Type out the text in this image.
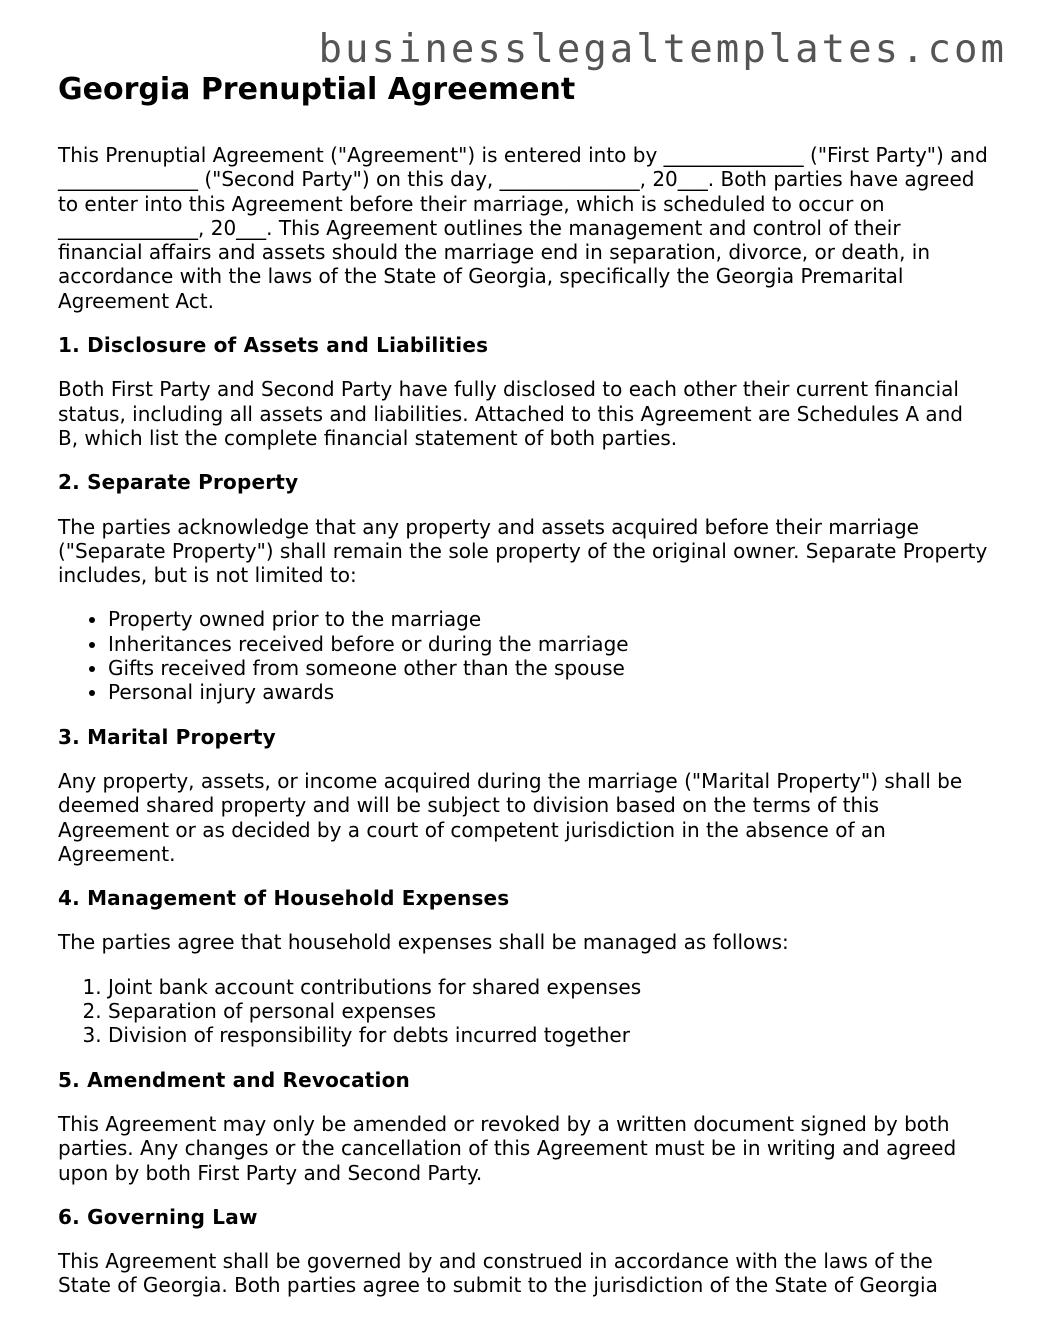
businesslegaltemplates.com
Georgia Prenuptial Agreement

This Prenuptial Agreement ("Agreement") is entered into by ______________ ("First Party") and ______________ ("Second Party") on this day, ______________, 20___. Both parties have agreed to enter into this Agreement before their marriage, which is scheduled to occur on ______________, 20___. This Agreement outlines the management and control of their financial affairs and assets should the marriage end in separation, divorce, or death, in accordance with the laws of the State of Georgia, specifically the Georgia Premarital Agreement Act.

1. Disclosure of Assets and Liabilities

Both First Party and Second Party have fully disclosed to each other their current financial status, including all assets and liabilities. Attached to this Agreement are Schedules A and B, which list the complete financial statement of both parties.

2. Separate Property

The parties acknowledge that any property and assets acquired before their marriage ("Separate Property") shall remain the sole property of the original owner. Separate Property includes, but is not limited to:

• Property owned prior to the marriage
• Inheritances received before or during the marriage
• Gifts received from someone other than the spouse
• Personal injury awards
3. Marital Property

Any property, assets, or income acquired during the marriage ("Marital Property") shall be deemed shared property and will be subject to division based on the terms of this Agreement or as decided by a court of competent jurisdiction in the absence of an Agreement.

4. Management of Household Expenses

The parties agree that household expenses shall be managed as follows:

1. Joint bank account contributions for shared expenses
2. Separation of personal expenses
3. Division of responsibility for debts incurred together
5. Amendment and Revocation

This Agreement may only be amended or revoked by a written document signed by both parties. Any changes or the cancellation of this Agreement must be in writing and agreed upon by both First Party and Second Party.

6. Governing Law

This Agreement shall be governed by and construed in accordance with the laws of the State of Georgia. Both parties agree to submit to the jurisdiction of the State of Georgia
